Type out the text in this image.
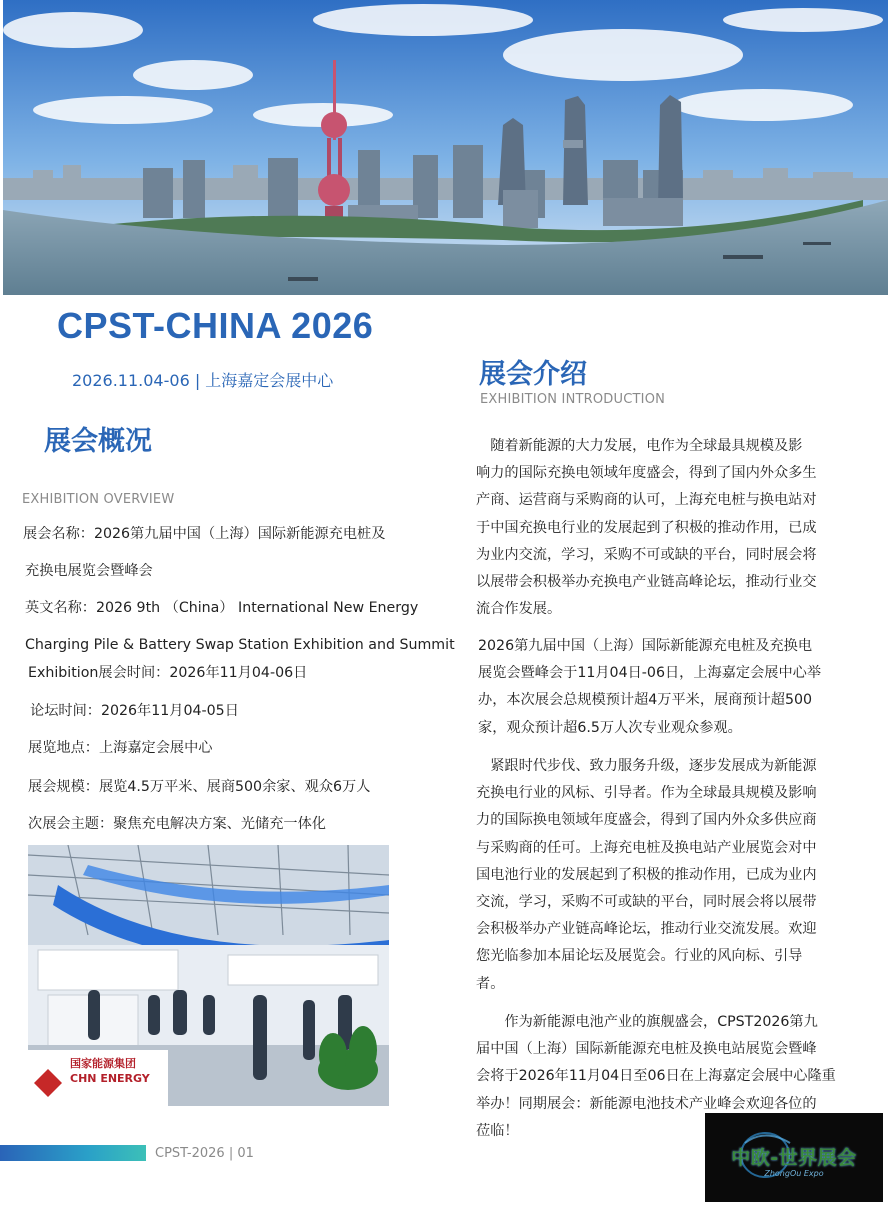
CPST-CHINA 2026
2026.11.04-06 | 上海嘉定会展中心
展会概况
EXHIBITION OVERVIEW
展会名称：2026第九届中国（上海）国际新能源充电桩及
充换电展览会暨峰会
英文名称：2026 9th （China） International New Energy
Charging Pile & Battery Swap Station Exhibition and Summit
Exhibition展会时间：2026年11月04-06日
论坛时间：2026年11月04-05日
展览地点：上海嘉定会展中心
展会规模：展览4.5万平米、展商500余家、观众6万人
次展会主题：聚焦充电解决方案、光储充一体化
国家能源集团
CHN ENERGY
展会介绍
EXHIBITION INTRODUCTION
　随着新能源的大力发展，电作为全球最具规模及影
响力的国际充换电领域年度盛会，得到了国内外众多生
产商、运营商与采购商的认可，上海充电桩与换电站对
于中国充换电行业的发展起到了积极的推动作用，已成
为业内交流，学习，采购不可或缺的平台，同时展会将
以展带会积极举办充换电产业链高峰论坛，推动行业交
流合作发展。
2026第九届中国（上海）国际新能源充电桩及充换电
展览会暨峰会于11月04日-06日，上海嘉定会展中心举
办，本次展会总规模预计超4万平米，展商预计超500
家，观众预计超6.5万人次专业观众参观。
　紧跟时代步伐、致力服务升级，逐步发展成为新能源
充换电行业的风标、引导者。作为全球最具规模及影响
力的国际换电领域年度盛会，得到了国内外众多供应商
与采购商的任可。上海充电桩及换电站产业展览会对中
国电池行业的发展起到了积极的推动作用，已成为业内
交流，学习，采购不可或缺的平台，同时展会将以展带
会积极举办产业链高峰论坛，推动行业交流发展。欢迎
您光临参加本届论坛及展览会。行业的风向标、引导
者。
　　作为新能源电池产业的旗舰盛会，CPST2026第九
届中国（上海）国际新能源充电桩及换电站展览会暨峰
会将于2026年11月04日至06日在上海嘉定会展中心隆重
举办！同期展会：新能源电池技术产业峰会欢迎各位的
莅临！
CPST-2026 | 01	中欧-世界展会
ZhongOu Expo
